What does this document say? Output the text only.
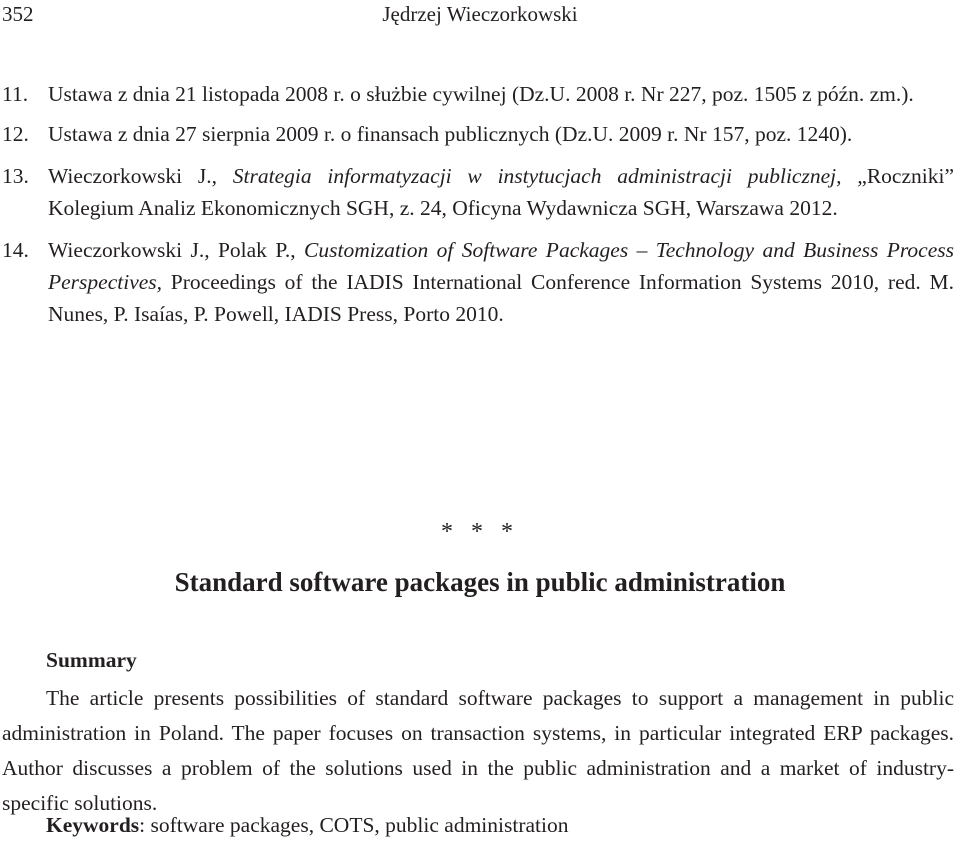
352	Jędrzej Wieczorkowski
11. Ustawa z dnia 21 listopada 2008 r. o służbie cywilnej (Dz.U. 2008 r. Nr 227, poz. 1505 z późn. zm.).
12. Ustawa z dnia 27 sierpnia 2009 r. o finansach publicznych (Dz.U. 2009 r. Nr 157, poz. 1240).
13. Wieczorkowski J., Strategia informatyzacji w instytucjach administracji publicznej, „Roczniki” Kolegium Analiz Ekonomicznych SGH, z. 24, Oficyna Wydawnicza SGH, Warszawa 2012.
14. Wieczorkowski J., Polak P., Customization of Software Packages – Technology and Business Process Perspectives, Proceedings of the IADIS International Conference Information Systems 2010, red. M. Nunes, P. Isaías, P. Powell, IADIS Press, Porto 2010.
* * *
Standard software packages in public administration
Summary

The article presents possibilities of standard software packages to support a management in public administration in Poland. The paper focuses on transaction systems, in particular integrated ERP packages. Author discusses a problem of the solutions used in the public administration and a market of industry-specific solutions.

Keywords: software packages, COTS, public administration
